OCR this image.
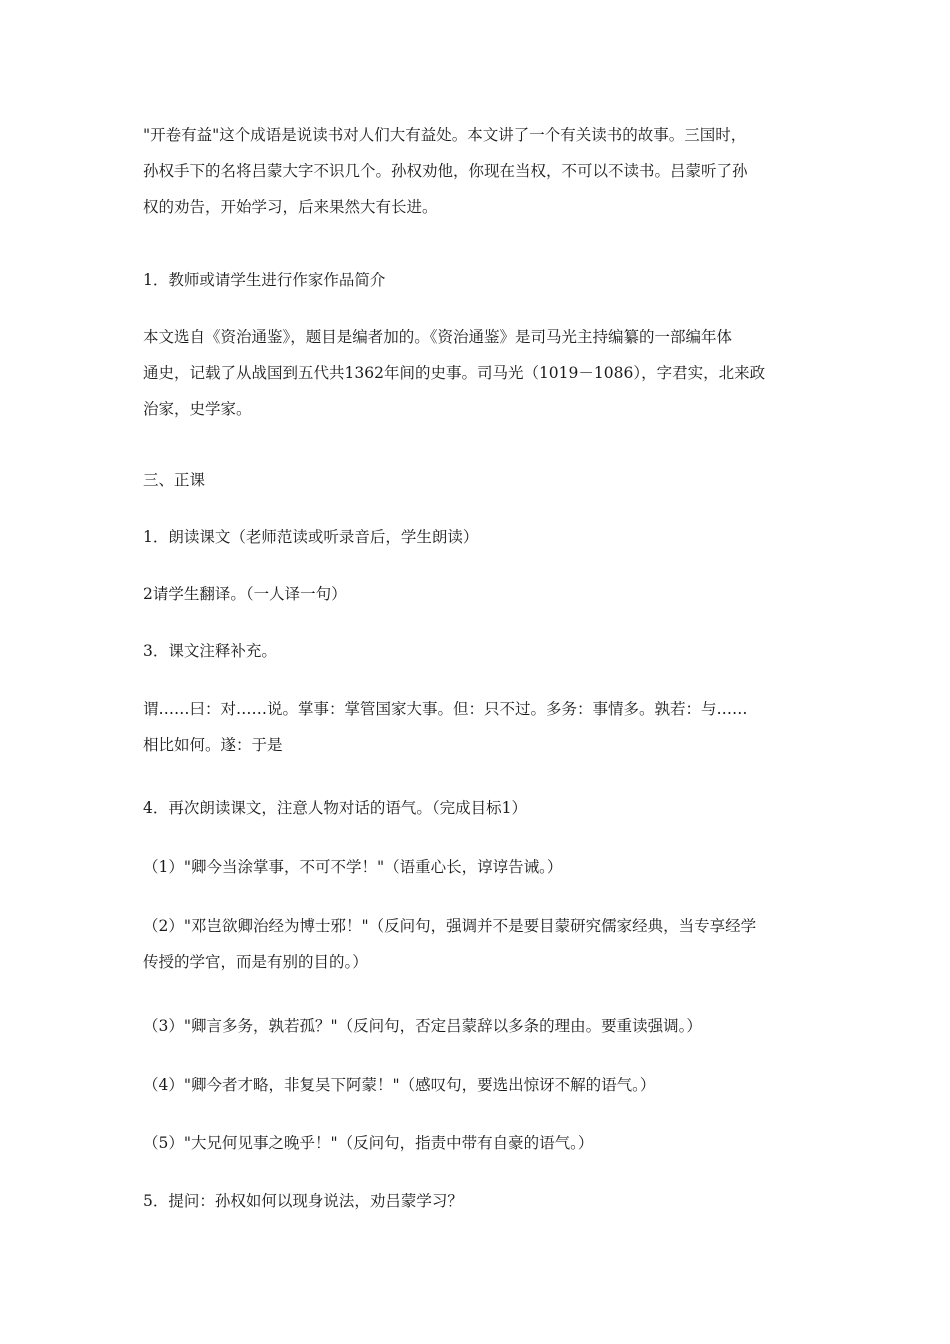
"开卷有益"这个成语是说读书对人们大有益处。本文讲了一个有关读书的故事。三国时，
孙权手下的名将吕蒙大字不识几个。孙权劝他，你现在当权，不可以不读书。吕蒙听了孙
权的劝告，开始学习，后来果然大有长进。

1．教师或请学生进行作家作品简介

本文选自《资治通鉴》，题目是编者加的。《资治通鉴》是司马光主持编纂的一部编年体
通史，记载了从战国到五代共1362年间的史事。司马光（1019－1086），字君实，北来政
治家，史学家。

三、正课

1．朗读课文（老师范读或听录音后，学生朗读）

2请学生翻译。（一人译一句）

3．课文注释补充。

谓……曰：对……说。掌事：掌管国家大事。但：只不过。多务：事情多。孰若：与……
相比如何。遂：于是

4．再次朗读课文，注意人物对话的语气。（完成目标1）

（1）"卿今当涂掌事，不可不学！"（语重心长，谆谆告诫。）

（2）"邓岂欲卿治经为博士邪！"（反问句，强调并不是要目蒙研究儒家经典，当专享经学
传授的学官，而是有别的目的。）

（3）"卿言多务，孰若孤？"（反问句，否定吕蒙辞以多条的理由。要重读强调。）

（4）"卿今者才略，非复吴下阿蒙！"（感叹句，要选出惊讶不解的语气。）

（5）"大兄何见事之晚乎！"（反问句，指责中带有自豪的语气。）

5．提问：孙权如何以现身说法，劝吕蒙学习？
